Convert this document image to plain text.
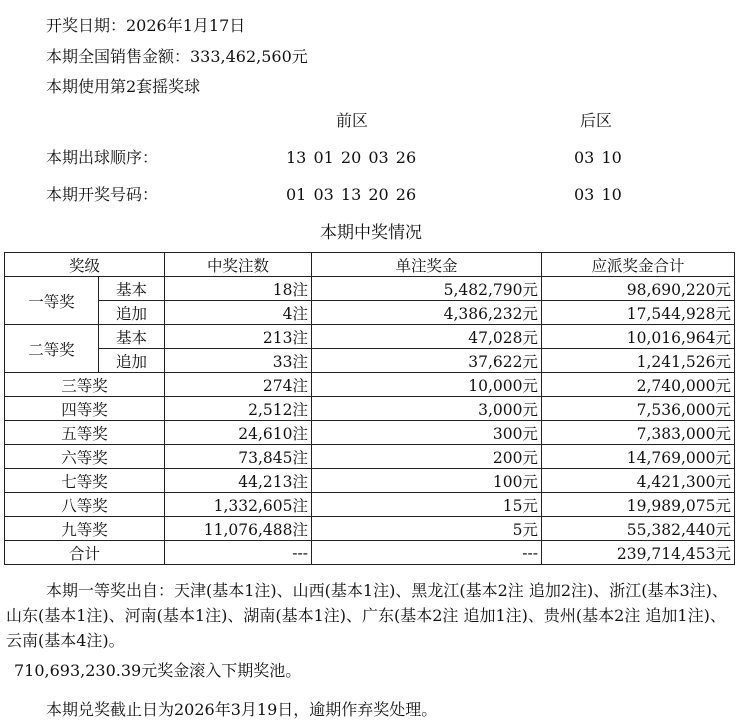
开奖日期：2026年1月17日
本期全国销售金额：333,462,560元
本期使用第2套摇奖球
前区	后区
本期出球顺序：	13 01 20 03 26	03 10
本期开奖号码：	01 03 13 20 26	03 10
本期中奖情况
奖级		中奖注数	单注奖金	应派奖金合计
一等奖	基本	18注	5,482,790元	98,690,220元
	追加	4注	4,386,232元	17,544,928元
二等奖	基本	213注	47,028元	10,016,964元
	追加	33注	37,622元	1,241,526元
三等奖		274注	10,000元	2,740,000元
四等奖		2,512注	3,000元	7,536,000元
五等奖		24,610注	300元	7,383,000元
六等奖		73,845注	200元	14,769,000元
七等奖		44,213注	100元	4,421,300元
八等奖		1,332,605注	15元	19,989,075元
九等奖		11,076,488注	5元	55,382,440元
合计		---	---	239,714,453元
本期一等奖出自：天津(基本1注)、山西(基本1注)、黑龙江(基本2注 追加2注)、浙江(基本3注)、山东(基本1注)、河南(基本1注)、湖南(基本1注)、广东(基本2注 追加1注)、贵州(基本2注 追加1注)、云南(基本4注)。
710,693,230.39元奖金滚入下期奖池。
本期兑奖截止日为2026年3月19日，逾期作弃奖处理。
